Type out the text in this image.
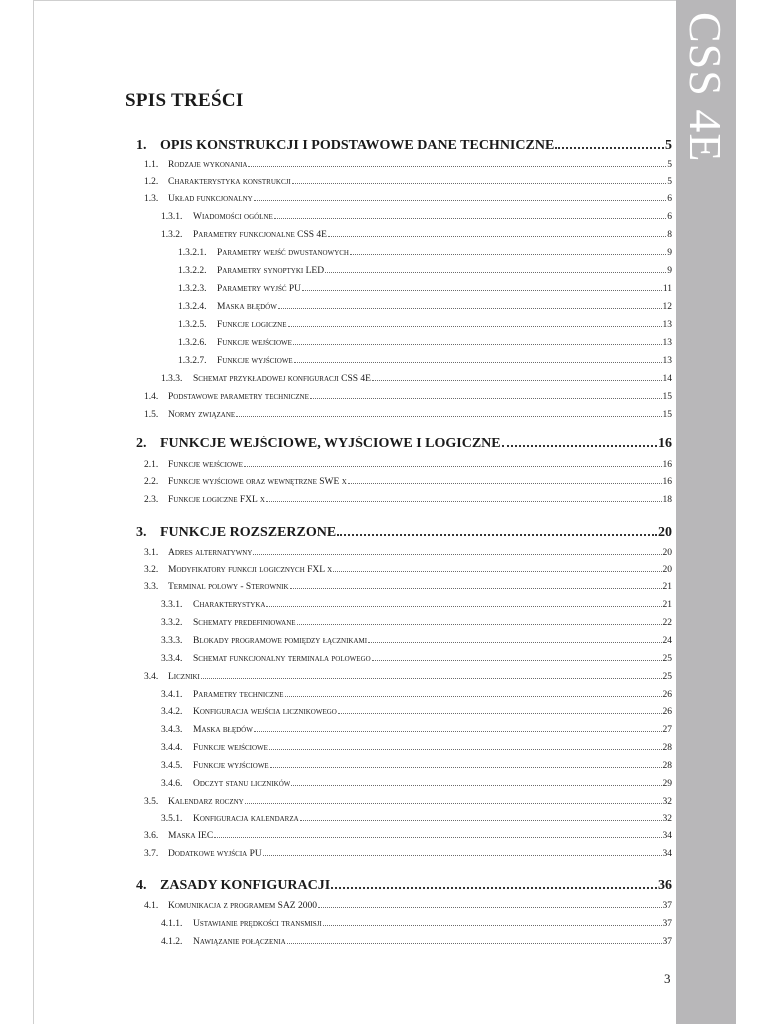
CSS 4E
SPIS TREŚCI
1. OPIS KONSTRUKCJI I PODSTAWOWE DANE TECHNICZNE	5
1.1.	Rodzaje wykonania	5
1.2.	Charakterystyka konstrukcji	5
1.3.	Układ funkcjonalny	6
1.3.1.	Wiadomości ogólne	6
1.3.2.	Parametry funkcjonalne CSS 4E	8
1.3.2.1.	Parametry wejść dwustanowych	9
1.3.2.2.	Parametry synoptyki LED	9
1.3.2.3.	Parametry wyjść PU	11
1.3.2.4.	Maska błędów	12
1.3.2.5.	Funkcje logiczne	13
1.3.2.6.	Funkcje wejściowe	13
1.3.2.7.	Funkcje wyjściowe	13
1.3.3.	Schemat przykładowej konfiguracji CSS 4E	14
1.4.	Podstawowe parametry techniczne	15
1.5.	Normy związane	15
2. FUNKCJE WEJŚCIOWE, WYJŚCIOWE I LOGICZNE	16
2.1.	Funkcje wejściowe	16
2.2.	Funkcje wyjściowe oraz wewnętrzne SWE x	16
2.3.	Funkcje logiczne FXL x	18
3. FUNKCJE ROZSZERZONE	20
3.1.	Adres alternatywny	20
3.2.	Modyfikatory funkcji logicznych FXL x	20
3.3.	Terminal polowy - Sterownik	21
3.3.1.	Charakterystyka	21
3.3.2.	Schematy predefiniowane	22
3.3.3.	Blokady programowe pomiędzy łącznikami	24
3.3.4.	Schemat funkcjonalny terminala polowego	25
3.4.	Liczniki	25
3.4.1.	Parametry techniczne	26
3.4.2.	Konfiguracja wejścia licznikowego	26
3.4.3.	Maska błędów	27
3.4.4.	Funkcje wejściowe	28
3.4.5.	Funkcje wyjściowe	28
3.4.6.	Odczyt stanu liczników	29
3.5.	Kalendarz roczny	32
3.5.1.	Konfiguracja kalendarza	32
3.6.	Maska IEC	34
3.7.	Dodatkowe wyjścia PU	34
4. ZASADY KONFIGURACJI	36
4.1.	Komunikacja z programem SAZ 2000	37
4.1.1.	Ustawianie prędkości transmisji	37
4.1.2.	Nawiązanie połączenia	37
3
